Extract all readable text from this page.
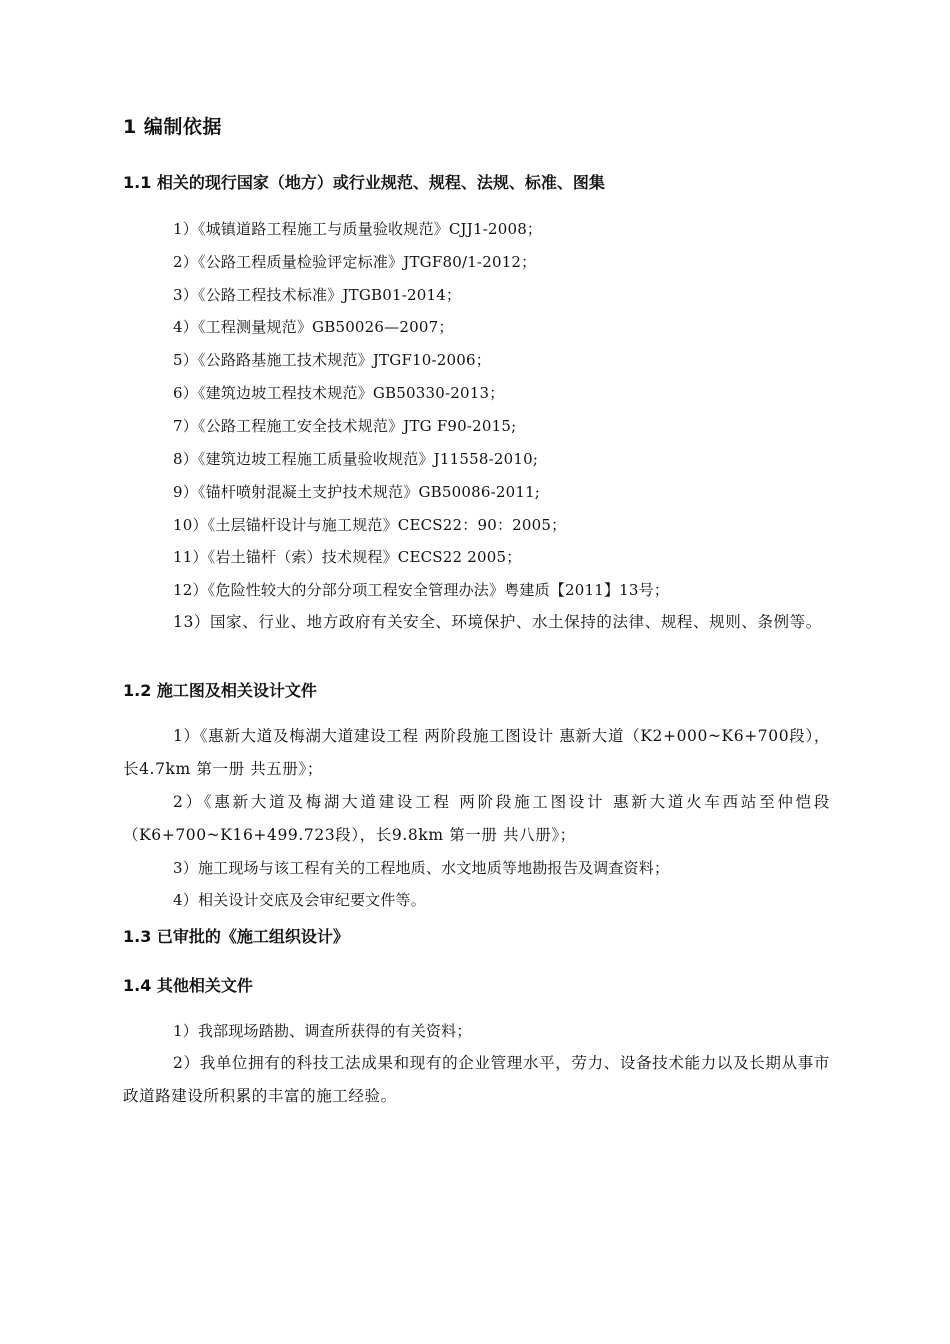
1 编制依据
1.1 相关的现行国家（地方）或行业规范、规程、法规、标准、图集
1）《城镇道路工程施工与质量验收规范》CJJ1-2008；
2）《公路工程质量检验评定标准》JTGF80/1-2012；
3）《公路工程技术标准》JTGB01-2014；
4）《工程测量规范》GB50026—2007；
5）《公路路基施工技术规范》JTGF10-2006；
6）《建筑边坡工程技术规范》GB50330-2013；
7）《公路工程施工安全技术规范》JTG F90-2015;
8）《建筑边坡工程施工质量验收规范》J11558-2010;
9）《锚杆喷射混凝土支护技术规范》GB50086-2011;
10）《土层锚杆设计与施工规范》CECS22：90：2005；
11）《岩土锚杆（索）技术规程》CECS22 2005；
12）《危险性较大的分部分项工程安全管理办法》粤建质【2011】13号；
13）国家、行业、地方政府有关安全、环境保护、水土保持的法律、规程、规则、条例等。
1.2 施工图及相关设计文件
1）《惠新大道及梅湖大道建设工程 两阶段施工图设计 惠新大道（K2+000~K6+700段），长4.7km 第一册 共五册》；
2）《惠新大道及梅湖大道建设工程 两阶段施工图设计 惠新大道火车西站至仲恺段（K6+700~K16+499.723段），长9.8km 第一册 共八册》；
3）施工现场与该工程有关的工程地质、水文地质等地勘报告及调查资料；
4）相关设计交底及会审纪要文件等。
1.3 已审批的《施工组织设计》
1.4 其他相关文件
1）我部现场踏勘、调查所获得的有关资料；
2）我单位拥有的科技工法成果和现有的企业管理水平，劳力、设备技术能力以及长期从事市政道路建设所积累的丰富的施工经验。
